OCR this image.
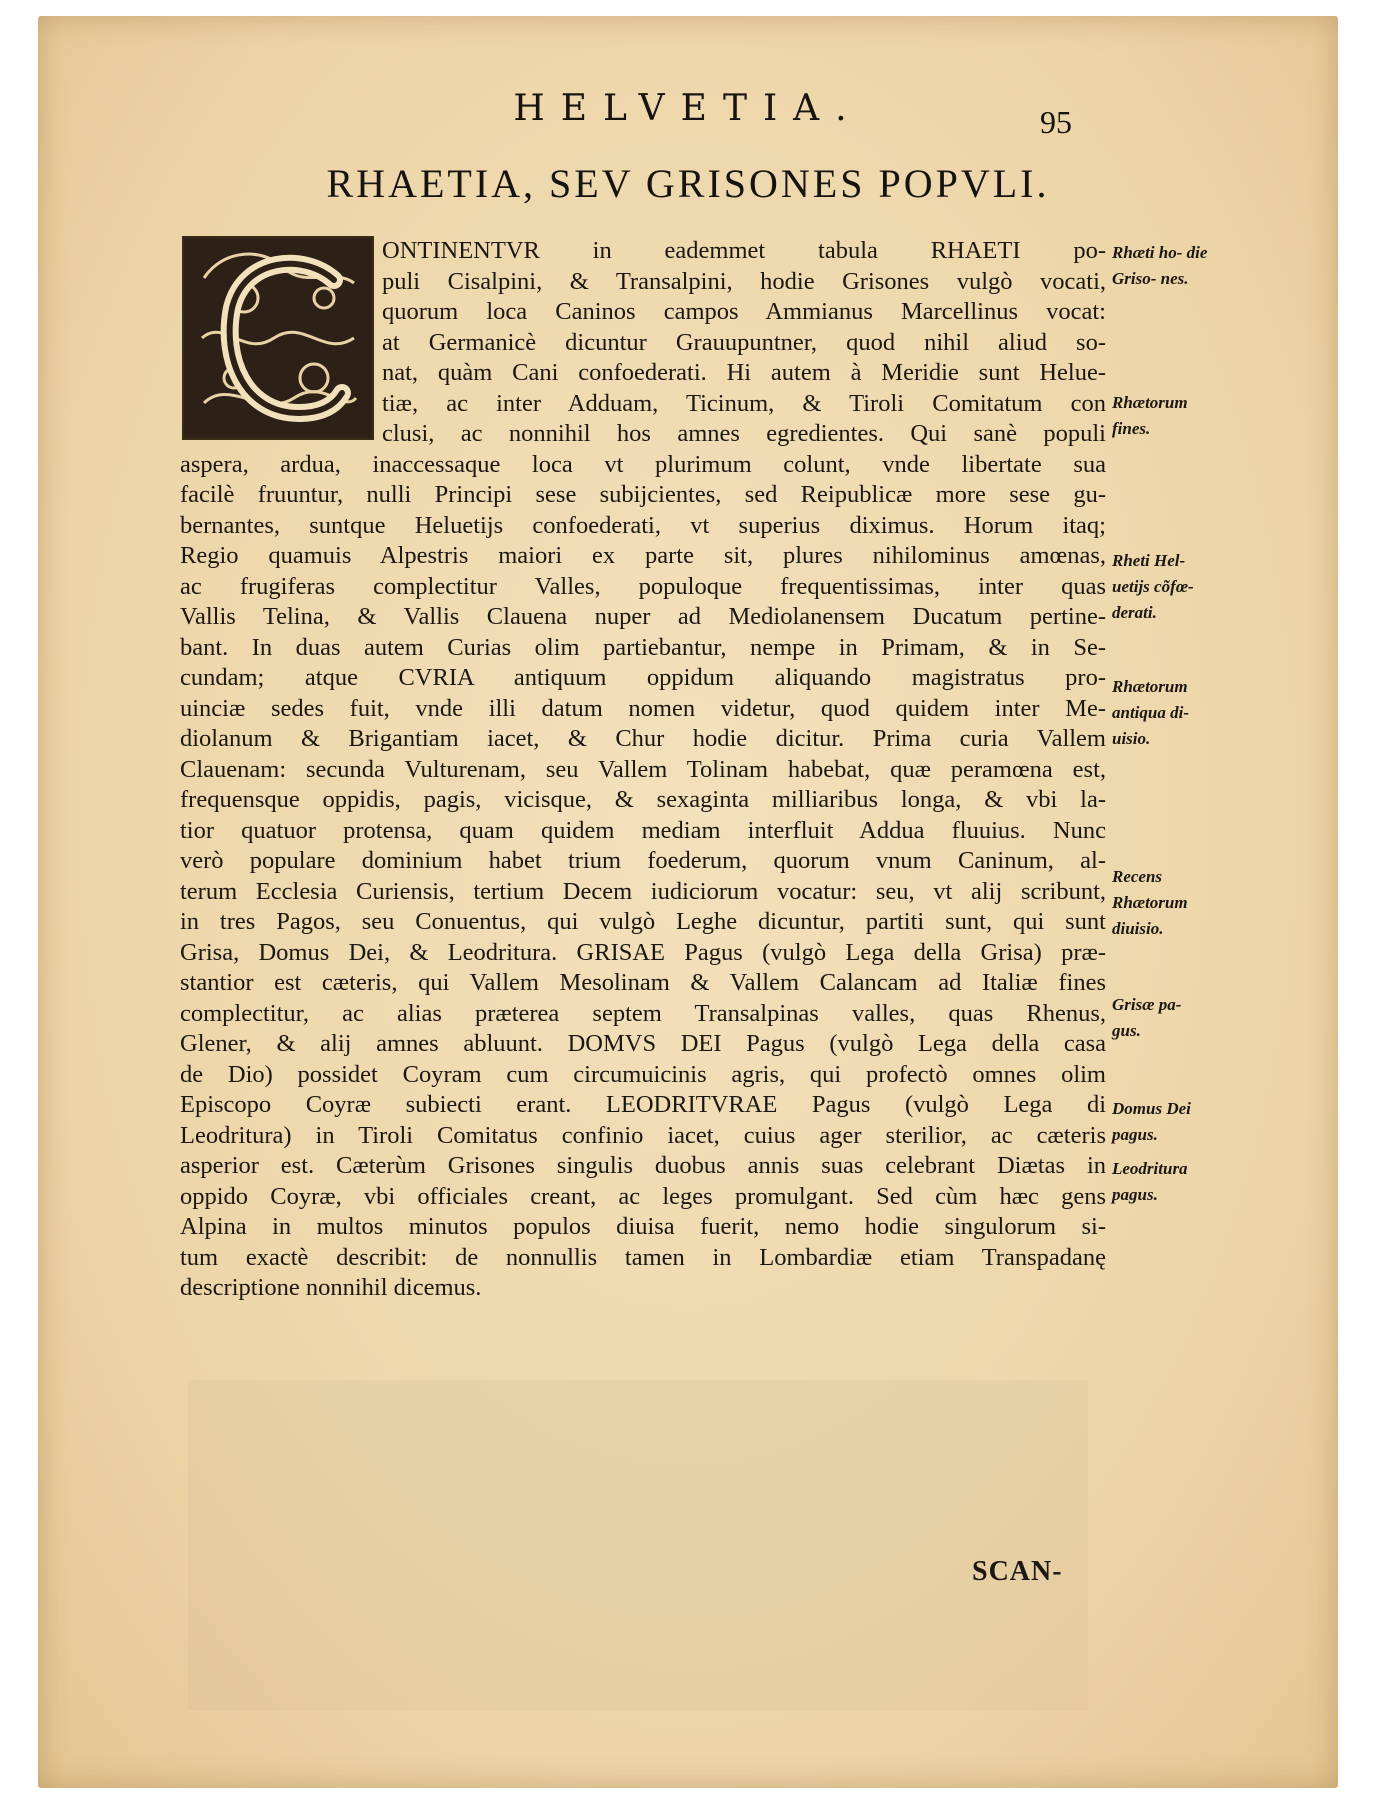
HELVETIA.	95
RHAETIA, SEV GRISONES POPVLI.
ONTINENTVR in eademmet tabula RHAETI po-
puli Cisalpini, & Transalpini, hodie Grisones vulgò vocati,
quorum loca Caninos campos Ammianus Marcellinus vocat:
at Germanicè dicuntur Grauupuntner, quod nihil aliud so-
nat, quàm Cani confoederati. Hi autem à Meridie sunt Helue-
tiæ, ac inter Adduam, Ticinum, & Tiroli Comitatum con
clusi, ac nonnihil hos amnes egredientes. Qui sanè populi
aspera, ardua, inaccessaque loca vt plurimum colunt, vnde libertate sua
facilè fruuntur, nulli Principi sese subijcientes, sed Reipublicæ more sese gu-
bernantes, suntque Heluetijs confoederati, vt superius diximus. Horum itaq;
Regio quamuis Alpestris maiori ex parte sit, plures nihilominus amœnas,
ac frugiferas complectitur Valles, populoque frequentissimas, inter quas
Vallis Telina, & Vallis Clauena nuper ad Mediolanensem Ducatum pertine-
bant. In duas autem Curias olim partiebantur, nempe in Primam, & in Se-
cundam; atque CVRIA antiquum oppidum aliquando magistratus pro-
uinciæ sedes fuit, vnde illi datum nomen videtur, quod quidem inter Me-
diolanum & Brigantiam iacet, & Chur hodie dicitur. Prima curia Vallem
Clauenam: secunda Vulturenam, seu Vallem Tolinam habebat, quæ peramœna est,
frequensque oppidis, pagis, vicisque, & sexaginta milliaribus longa, & vbi la-
tior quatuor protensa, quam quidem mediam interfluit Addua fluuius. Nunc
verò populare dominium habet trium foederum, quorum vnum Caninum, al-
terum Ecclesia Curiensis, tertium Decem iudiciorum vocatur: seu, vt alij scribunt,
in tres Pagos, seu Conuentus, qui vulgò Leghe dicuntur, partiti sunt, qui sunt
Grisa, Domus Dei, & Leodritura. GRISAE Pagus (vulgò Lega della Grisa) præ-
stantior est cæteris, qui Vallem Mesolinam & Vallem Calancam ad Italiæ fines
complectitur, ac alias præterea septem Transalpinas valles, quas Rhenus,
Glener, & alij amnes abluunt. DOMVS DEI Pagus (vulgò Lega della casa
de Dio) possidet Coyram cum circumuicinis agris, qui profectò omnes olim
Episcopo Coyræ subiecti erant. LEODRITVRAE Pagus (vulgò Lega di
Leodritura) in Tiroli Comitatus confinio iacet, cuius ager sterilior, ac cæteris
asperior est. Cæterùm Grisones singulis duobus annis suas celebrant Diætas in
oppido Coyræ, vbi officiales creant, ac leges promulgant. Sed cùm hæc gens
Alpina in multos minutos populos diuisa fuerit, nemo hodie singulorum si-
tum exactè describit: de nonnullis tamen in Lombardiæ etiam Transpadanę
descriptione nonnihil dicemus.
Rhæti ho- die Griso- nes.
Rhætorum fines.
Rheti Hel- uetijs cõfœ- derati.
Rhætorum antiqua di- uisio.
Recens Rhætorum diuisio.
Grisæ pa- gus.
Domus Dei pagus.
Leodritura pagus.
SCAN-
